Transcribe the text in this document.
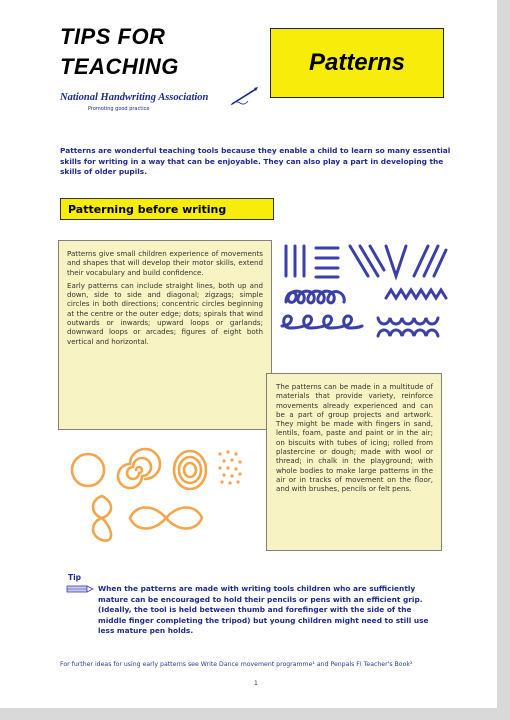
TIPS FOR
TEACHING
National Handwriting Association
Promoting good practice
Patterns
Patterns are wonderful teaching tools because they enable a child to learn so many essential skills for writing in a way that can be enjoyable. They can also play a part in developing the skills of older pupils.
Patterning before writing

Patterns give small children experience of movements and shapes that will develop their motor skills, extend their vocabulary and build confidence.

Early patterns can include straight lines, both up and down, side to side and diagonal; zigzags; simple circles in both directions; concentric circles beginning at the centre or the outer edge; dots; spirals that wind outwards or inwards; upward loops or garlands; downward loops or arcades; figures of eight both vertical and horizontal.

The patterns can be made in a multitude of materials that provide variety, reinforce movements already experienced and can be a part of group projects and artwork. They might be made with fingers in sand, lentils, foam, paste and paint or in the air; on biscuits with tubes of icing; rolled from plastercine or dough; made with wool or thread; in chalk in the playground; with whole bodies to make large patterns in the air or in tracks of movement on the floor, and with brushes, pencils or felt pens.
Tip
When the patterns are made with writing tools children who are sufficiently mature can be encouraged to hold their pencils or pens with an efficient grip. (Ideally, the tool is held between thumb and forefinger with the side of the middle finger completing the tripod) but young children might need to still use less mature pen holds.
For further ideas for using early patterns see Write Dance movement programme¹ and Penpals FI Teacher's Book²
1
